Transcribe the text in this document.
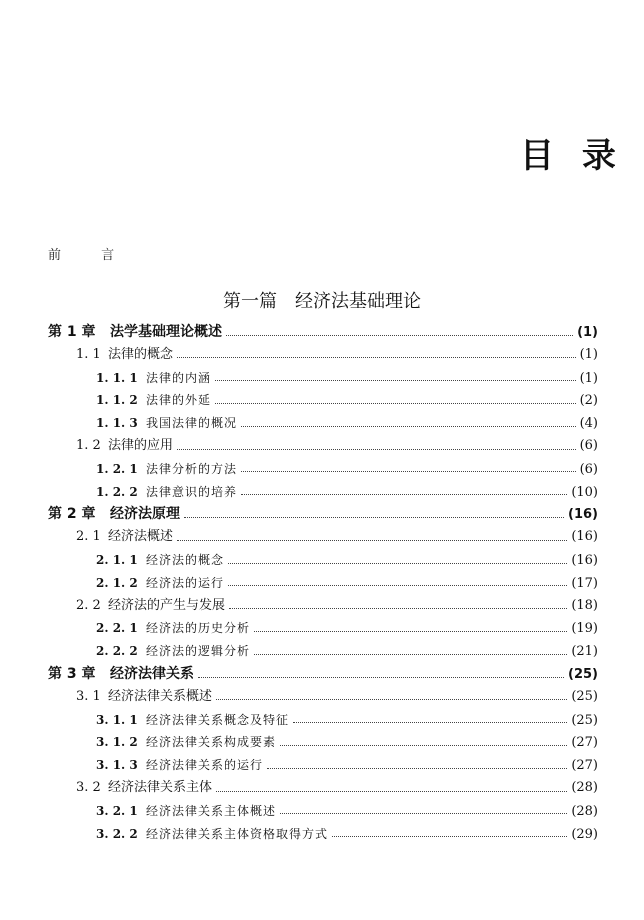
目 录
前 言
第一篇　经济法基础理论
第 1 章	法学基础理论概述	(1)
1. 1 法律的概念	(1)
1. 1. 1 法律的内涵	(1)
1. 1. 2 法律的外延	(2)
1. 1. 3 我国法律的概况	(4)
1. 2 法律的应用	(6)
1. 2. 1 法律分析的方法	(6)
1. 2. 2 法律意识的培养	(10)
第 2 章	经济法原理	(16)
2. 1 经济法概述	(16)
2. 1. 1 经济法的概念	(16)
2. 1. 2 经济法的运行	(17)
2. 2 经济法的产生与发展	(18)
2. 2. 1 经济法的历史分析	(19)
2. 2. 2 经济法的逻辑分析	(21)
第 3 章	经济法律关系	(25)
3. 1 经济法律关系概述	(25)
3. 1. 1 经济法律关系概念及特征	(25)
3. 1. 2 经济法律关系构成要素	(27)
3. 1. 3 经济法律关系的运行	(27)
3. 2 经济法律关系主体	(28)
3. 2. 1 经济法律关系主体概述	(28)
3. 2. 2 经济法律关系主体资格取得方式	(29)
